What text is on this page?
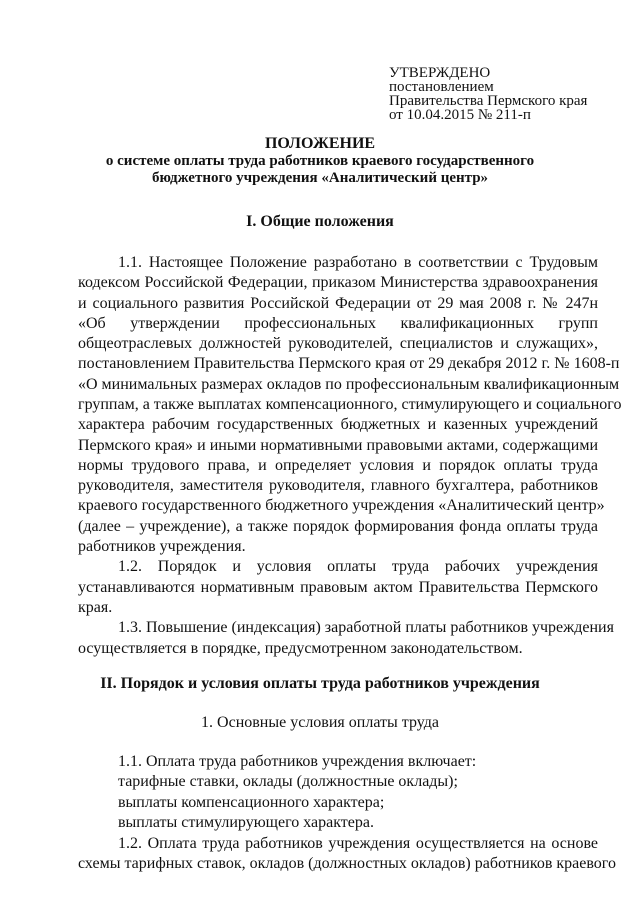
УТВЕРЖДЕНО
постановлением
Правительства Пермского края
от 10.04.2015 № 211-п
ПОЛОЖЕНИЕ
о системе оплаты труда работников краевого государственного
бюджетного учреждения «Аналитический центр»
I. Общие положения
1.1. Настоящее Положение разработано в соответствии с Трудовым
кодексом Российской Федерации, приказом Министерства здравоохранения
и социального развития Российской Федерации от 29 мая 2008 г. № 247н
«Об утверждении профессиональных квалификационных групп
общеотраслевых должностей руководителей, специалистов и служащих»,
постановлением Правительства Пермского края от 29 декабря 2012 г. № 1608-п
«О минимальных размерах окладов по профессиональным квалификационным
группам, а также выплатах компенсационного, стимулирующего и социального
характера рабочим государственных бюджетных и казенных учреждений
Пермского края» и иными нормативными правовыми актами, содержащими
нормы трудового права, и определяет условия и порядок оплаты труда
руководителя, заместителя руководителя, главного бухгалтера, работников
краевого государственного бюджетного учреждения «Аналитический центр»
(далее – учреждение), а также порядок формирования фонда оплаты труда
работников учреждения.
1.2. Порядок и условия оплаты труда рабочих учреждения
устанавливаются нормативным правовым актом Правительства Пермского
края.
1.3. Повышение (индексация) заработной платы работников учреждения
осуществляется в порядке, предусмотренном законодательством.
II. Порядок и условия оплаты труда работников учреждения
1. Основные условия оплаты труда
1.1. Оплата труда работников учреждения включает:
тарифные ставки, оклады (должностные оклады);
выплаты компенсационного характера;
выплаты стимулирующего характера.
1.2. Оплата труда работников учреждения осуществляется на основе
схемы тарифных ставок, окладов (должностных окладов) работников краевого
